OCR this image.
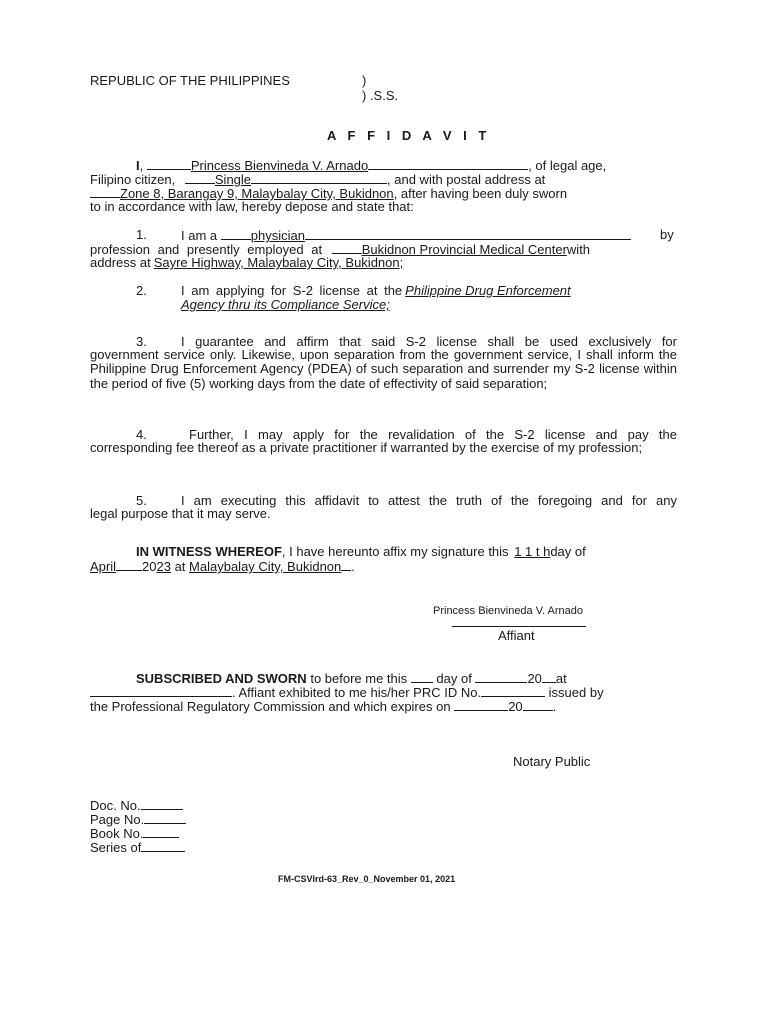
REPUBLIC OF THE PHILIPPINES	)
) .S.S.
A F F I D A V I T
I,	Princess Bienvineda V. Arnado	, of legal age,
Filipino citizen,	Single	, and with postal address at
Zone 8, Barangay 9, Malaybalay City, Bukidnon, after having been duly sworn
to in accordance with law, hereby depose and state that:
1.	I am a	physician	by
profession and presently employed at	Bukidnon Provincial Medical Centerwith
address at Sayre Highway, Malaybalay City, Bukidnon;
2.	I am applying for S-2 license at the Philippine Drug Enforcement
Agency thru its Compliance Service;
3.	I guarantee and affirm that said S-2 license shall be used exclusively for
government service only. Likewise, upon separation from the government service, I shall inform the Philippine Drug Enforcement Agency (PDEA) of such separation and surrender my S-2 license within the period of five (5) working days from the date of effectivity of said separation;
4.	Further, I may apply for the revalidation of the S-2 license and pay the
corresponding fee thereof as a private practitioner if warranted by the exercise of my profession;
5.	I am executing this affidavit to attest the truth of the foregoing and for any
legal purpose that it may serve.
IN WITNESS WHEREOF, I have hereunto affix my signature this 1 1 t hday of
April 2023 at Malaybalay City, Bukidnon .
Princess Bienvineda V. Arnado
Affiant
SUBSCRIBED AND SWORN to before me this day of	20 at
. Affiant exhibited to me his/her PRC ID No.	issued by
the Professional Regulatory Commission and which expires on	20 .
Notary Public
Doc. No.
Page No.
Book No.
Series of
FM-CSVlrd-63_Rev_0_November 01, 2021
